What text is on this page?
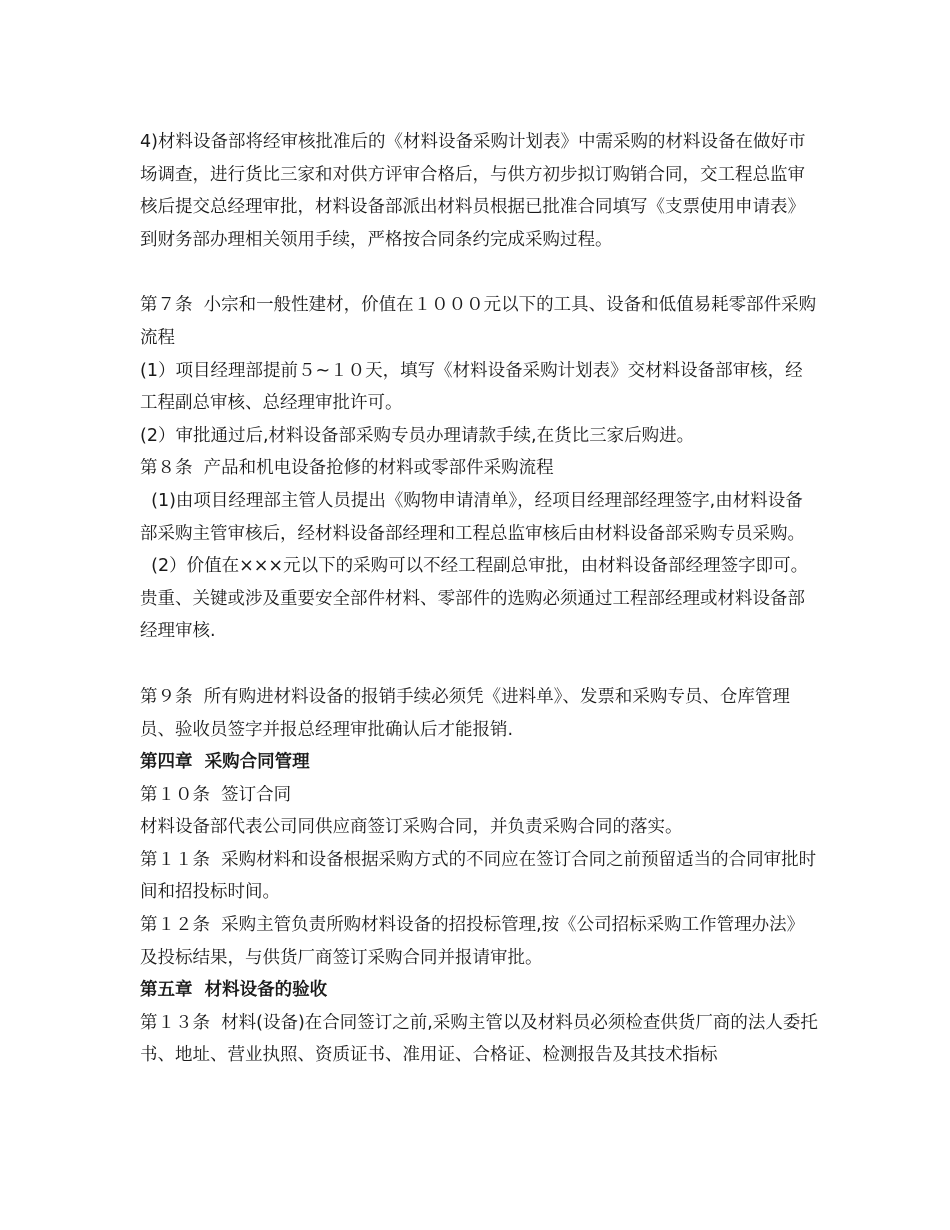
4)材料设备部将经审核批准后的《材料设备采购计划表》中需采购的材料设备在做好市场调查，进行货比三家和对供方评审合格后，与供方初步拟订购销合同，交工程总监审核后提交总经理审批，材料设备部派出材料员根据已批准合同填写《支票使用申请表》到财务部办理相关领用手续，严格按合同条约完成采购过程。

第７条  小宗和一般性建材，价值在１０００元以下的工具、设备和低值易耗零部件采购流程

(1）项目经理部提前５~１０天，填写《材料设备采购计划表》交材料设备部审核，经工程副总审核、总经理审批许可。

(2）审批通过后,材料设备部采购专员办理请款手续,在货比三家后购进。

第８条  产品和机电设备抢修的材料或零部件采购流程

(1)由项目经理部主管人员提出《购物申请清单》，经项目经理部经理签字,由材料设备部采购主管审核后，经材料设备部经理和工程总监审核后由材料设备部采购专员采购。

(2）价值在×××元以下的采购可以不经工程副总审批，由材料设备部经理签字即可。贵重、关键或涉及重要安全部件材料、零部件的选购必须通过工程部经理或材料设备部经理审核.

第９条  所有购进材料设备的报销手续必须凭《进料单》、发票和采购专员、仓库管理员、验收员签字并报总经理审批确认后才能报销.

第四章  采购合同管理

第１０条  签订合同

材料设备部代表公司同供应商签订采购合同，并负责采购合同的落实。

第１１条  采购材料和设备根据采购方式的不同应在签订合同之前预留适当的合同审批时间和招投标时间。

第１２条  采购主管负责所购材料设备的招投标管理,按《公司招标采购工作管理办法》及投标结果，与供货厂商签订采购合同并报请审批。

第五章  材料设备的验收

第１３条  材料(设备)在合同签订之前,采购主管以及材料员必须检查供货厂商的法人委托书、地址、营业执照、资质证书、准用证、合格证、检测报告及其技术指标
